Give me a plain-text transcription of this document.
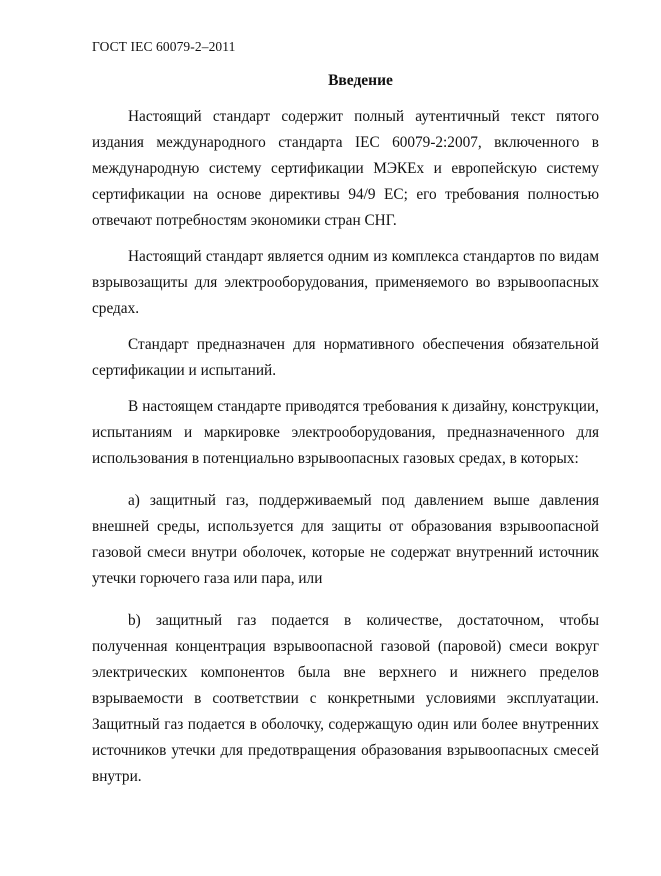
ГОСТ IEC 60079-2–2011
Введение

Настоящий стандарт содержит полный аутентичный текст пятого издания международного стандарта IEC 60079-2:2007, включенного в международную систему сертификации МЭКEx и европейскую систему сертификации на основе директивы 94/9 ЕС; его требования полностью отвечают потребностям экономики стран СНГ.

Настоящий стандарт является одним из комплекса стандартов по видам взрывозащиты для электрооборудования, применяемого во взрывоопасных средах.

Стандарт предназначен для нормативного обеспечения обязательной сертификации и испытаний.

В настоящем стандарте приводятся требования к дизайну, конструкции, испытаниям и маркировке электрооборудования, предназначенного для использования в потенциально взрывоопасных газовых средах, в которых:

a) защитный газ, поддерживаемый под давлением выше давления внешней среды, используется для защиты от образования взрывоопасной газовой смеси внутри оболочек, которые не содержат внутренний источник утечки горючего газа или пара, или

b) защитный газ подается в количестве, достаточном, чтобы полученная концентрация взрывоопасной газовой (паровой) смеси вокруг электрических компонентов была вне верхнего и нижнего пределов взрываемости в соответствии с конкретными условиями эксплуатации. Защитный газ подается в оболочку, содержащую один или более внутренних источников утечки для предотвращения образования взрывоопасных смесей внутри.
